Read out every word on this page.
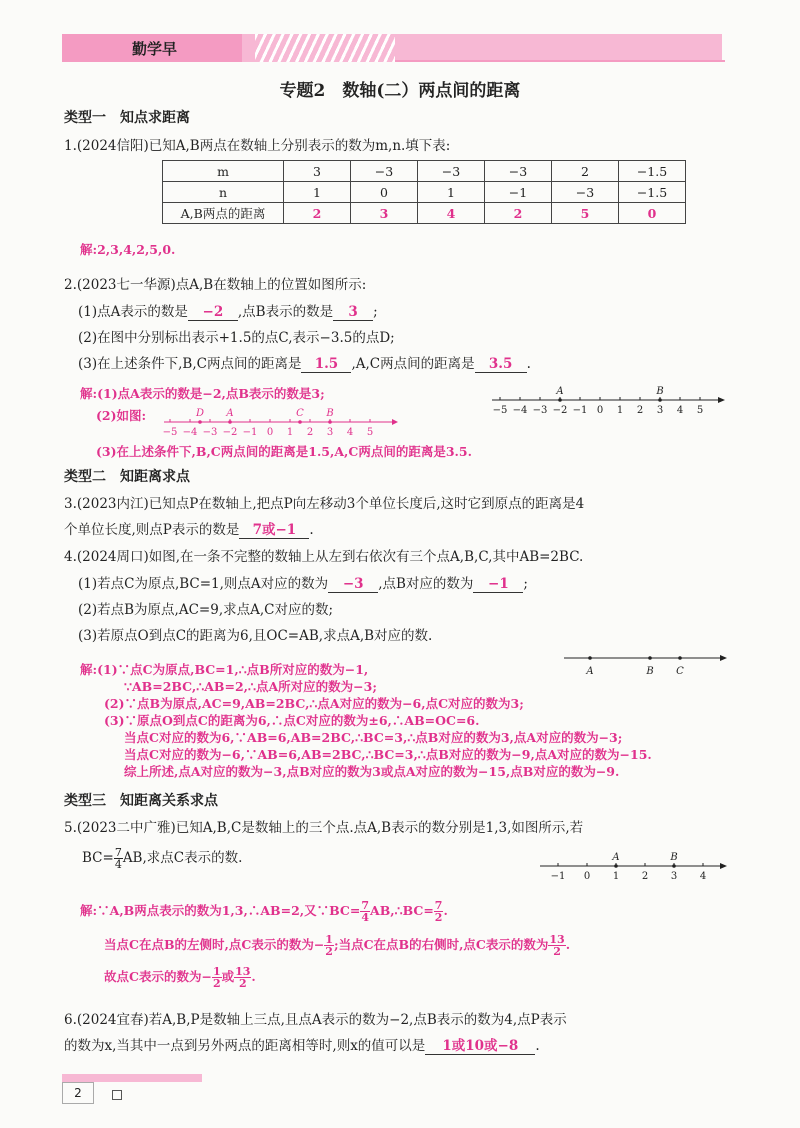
勤学早
专题2　数轴(二）两点间的距离
类型一　知点求距离
1.(2024信阳)已知A,B两点在数轴上分别表示的数为m,n.填下表:
m	3	−3	−3	−3	2	−1.5
n	1	0	1	−1	−3	−1.5
A,B两点的距离	2	3	4	2	5	0
解:2,3,4,2,5,0.
2.(2023七一华源)点A,B在数轴上的位置如图所示:
(1)点A表示的数是 −2 ,点B表示的数是 3 ;
(2)在图中分别标出表示+1.5的点C,表示−3.5的点D;
(3)在上述条件下,B,C两点间的距离是 1.5 ,A,C两点间的距离是 3.5 .
解:(1)点A表示的数是−2,点B表示的数是3;
(2)如图:
(3)在上述条件下,B,C两点间的距离是1.5,A,C两点间的距离是3.5.
−5 −4 −3 −2 −1 0 1 2 3 4 5
D A	C B	−5 −4 −3 −2 −1 0 1 2 3 4 5
A	B
类型二　知距离求点
3.(2023内江)已知点P在数轴上,把点P向左移动3个单位长度后,这时它到原点的距离是4
个单位长度,则点P表示的数是 7或−1 .
4.(2024周口)如图,在一条不完整的数轴上从左到右依次有三个点A,B,C,其中AB=2BC.
(1)若点C为原点,BC=1,则点A对应的数为 −3 ,点B对应的数为 −1 ;
(2)若点B为原点,AC=9,求点A,C对应的数;
(3)若原点O到点C的距离为6,且OC=AB,求点A,B对应的数.
A	B C
解:(1)∵点C为原点,BC=1,∴点B所对应的数为−1,
∵AB=2BC,∴AB=2,∴点A所对应的数为−3;
(2)∵点B为原点,AC=9,AB=2BC,∴点A对应的数为−6,点C对应的数为3;
(3)∵原点O到点C的距离为6,∴点C对应的数为±6,∴AB=OC=6.
当点C对应的数为6,∵AB=6,AB=2BC,∴BC=3,∴点B对应的数为3,点A对应的数为−3;
当点C对应的数为−6,∵AB=6,AB=2BC,∴BC=3,∴点B对应的数为−9,点A对应的数为−15.
综上所述,点A对应的数为−3,点B对应的数为3或点A对应的数为−15,点B对应的数为−9.
类型三　知距离关系求点
5.(2023二中广雅)已知A,B,C是数轴上的三个点.点A,B表示的数分别是1,3,如图所示,若
$BC= \frac{7}{4}$ AB,求点C表示的数.
−1 0 1 2 3 4
A	B
解:∵A,B两点表示的数为1,3,∴AB=2,又∵BC= $\frac{7}{4}$ AB,∴BC= $\frac{7}{2}$ .
当点C在点B的左侧时,点C表示的数为− $\frac{1}{2}$ ;当点C在点B的右侧时,点C表示的数为 $\frac{13}{2}$ .
故点C表示的数为− $\frac{1}{2}$ 或 $\frac{13}{2}$ .
6.(2024宜春)若A,B,P是数轴上三点,且点A表示的数为−2,点B表示的数为4,点P表示
的数为x,当其中一点到另外两点的距离相等时,则x的值可以是 1或10或−8 .
2
